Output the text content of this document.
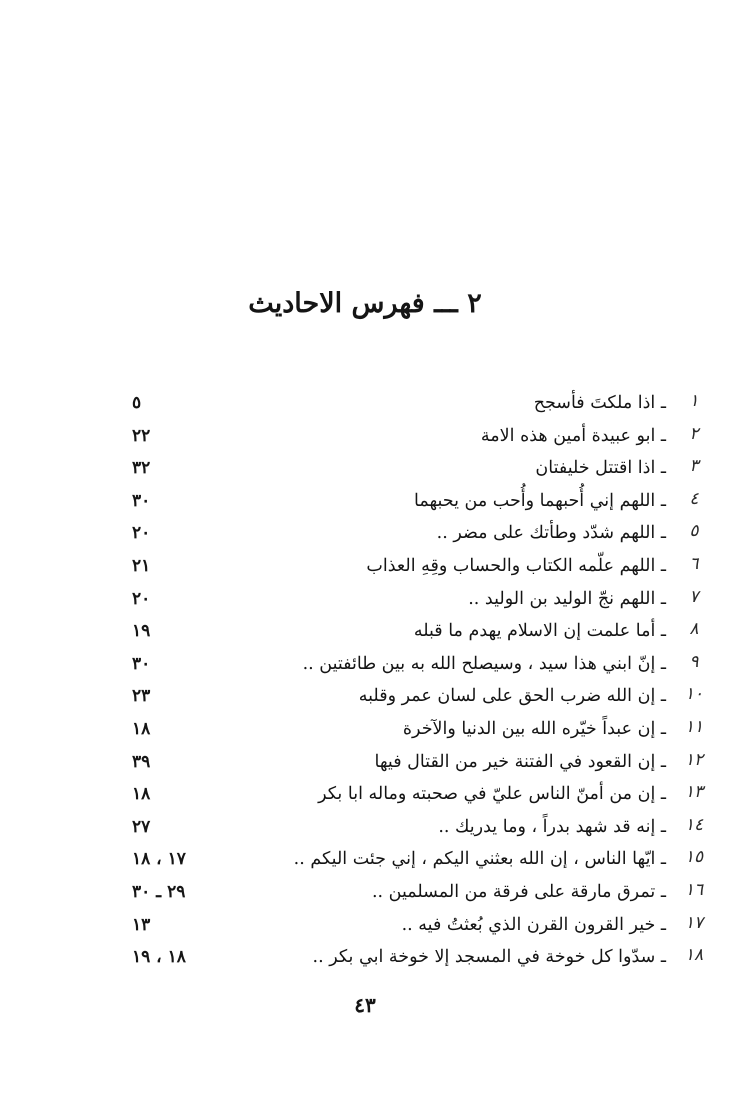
٢ ـــ فهرس الاحاديث
١
ـ اذا ملكتَ فأسجح
٥
٢
ـ ابو عبيدة أمين هذه الامة
٢٢
٣
ـ اذا اقتتل خليفتان
٣٢
٤
ـ اللهم إني أُحبهما وأُحب من يحبهما
٣٠
٥
ـ اللهم شدّد وطأتك على مضر ..
٢٠
٦
ـ اللهم علّمه الكتاب والحساب وقِهِ العذاب
٢١
٧
ـ اللهم نجّ الوليد بن الوليد ..
٢٠
٨
ـ أما علمت إن الاسلام يهدم ما قبله
١٩
٩
ـ إنّ ابني هذا سيد ، وسيصلح الله به بين طائفتين ..
٣٠
١٠
ـ إن الله ضرب الحق على لسان عمر وقلبه
٢٣
١١
ـ إن عبداً خيّره الله بين الدنيا والآخرة
١٨
١٢
ـ إن القعود في الفتنة خير من القتال فيها
٣٩
١٣
ـ إن من أمنّ الناس عليّ في صحبته وماله ابا بكر
١٨
١٤
ـ إنه قد شهد بدراً ، وما يدريك ..
٢٧
١٥
ـ ايّها الناس ، إن الله بعثني اليكم ، إني جئت اليكم ..
١٧ ، ١٨
١٦
ـ تمرق مارقة على فرقة من المسلمين ..
٢٩ ـ ٣٠
١٧
ـ خير القرون القرن الذي بُعثتُ فيه ..
١٣
١٨
ـ سدّوا كل خوخة في المسجد إلا خوخة ابي بكر ..
١٨ ، ١٩
٤٣
